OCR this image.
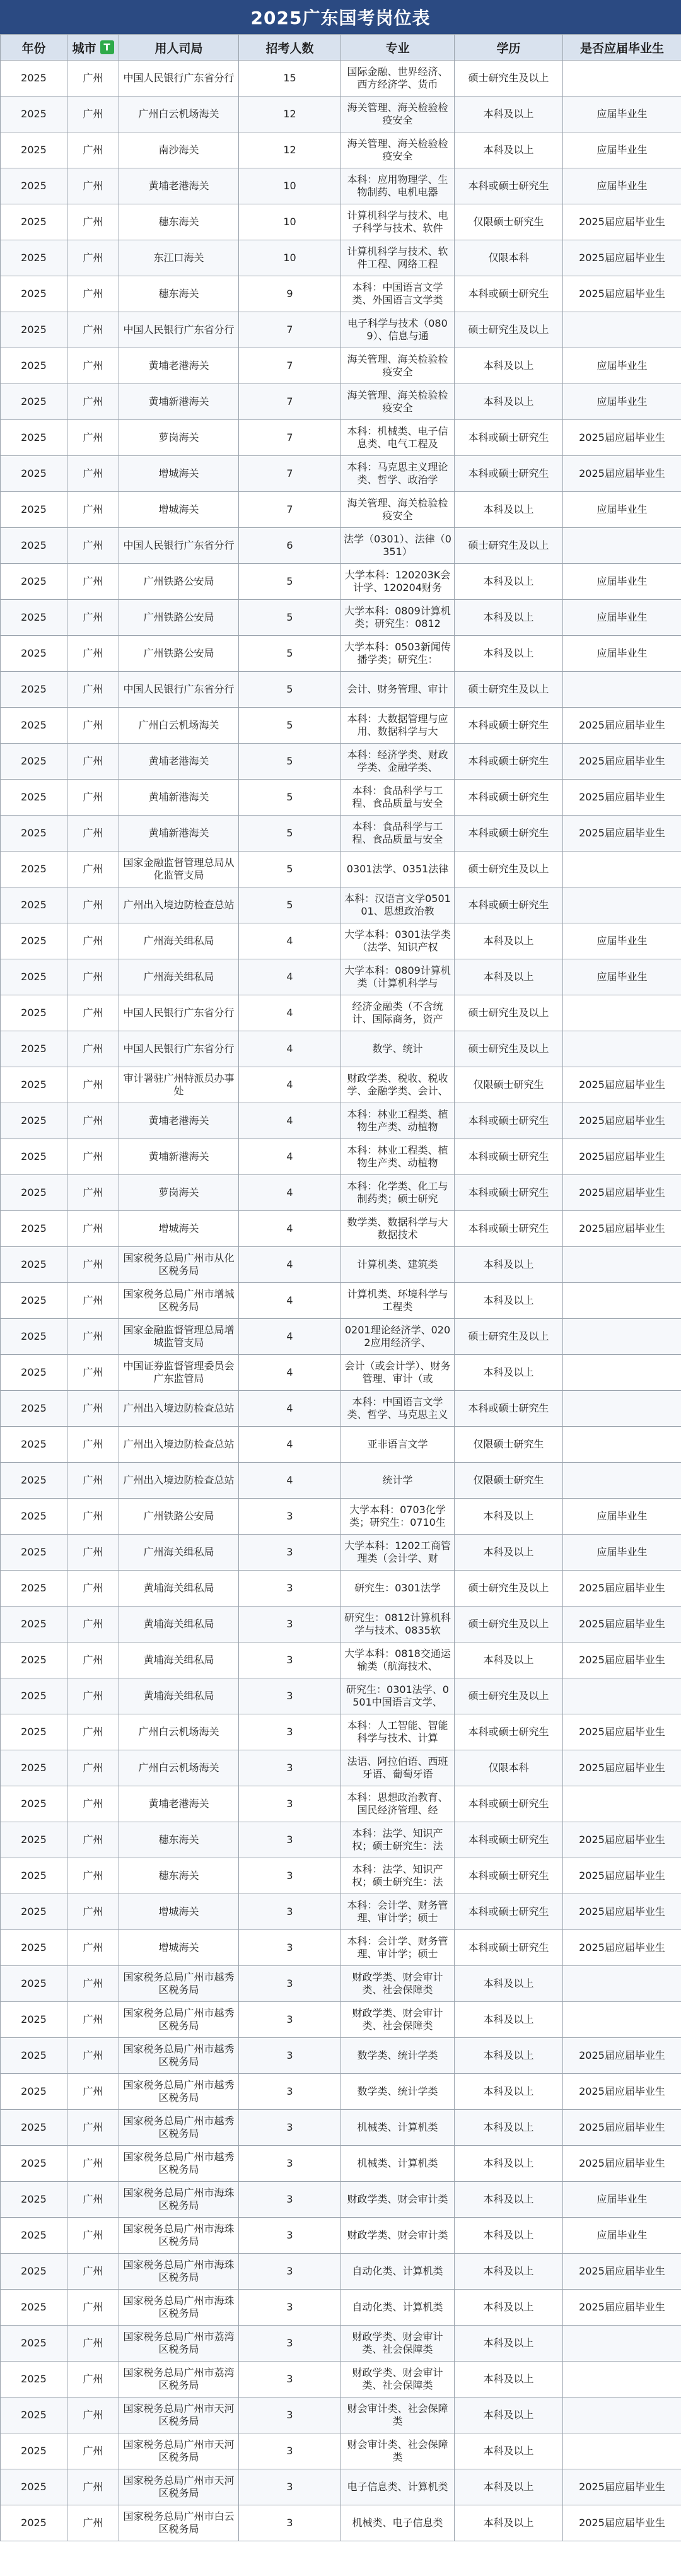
2025广东国考岗位表
年份	城市 T	用人司局	招考人数	专业	学历	是否应届毕业生

2025	广州	中国人民银行广东省分行	15	国际金融、世界经济、西方经济学、货币	硕士研究生及以上	

2025	广州	广州白云机场海关	12	海关管理、海关检验检疫安全	本科及以上	应届毕业生

2025	广州	南沙海关	12	海关管理、海关检验检疫安全	本科及以上	应届毕业生

2025	广州	黄埔老港海关	10	本科：应用物理学、生物制药、电机电器	本科或硕士研究生	应届毕业生

2025	广州	穗东海关	10	计算机科学与技术、电子科学与技术、软件	仅限硕士研究生	2025届应届毕业生

2025	广州	东江口海关	10	计算机科学与技术、软件工程、网络工程	仅限本科	2025届应届毕业生

2025	广州	穗东海关	9	本科：中国语言文学类、外国语言文学类	本科或硕士研究生	2025届应届毕业生

2025	广州	中国人民银行广东省分行	7	电子科学与技术（0809）、信息与通	硕士研究生及以上	

2025	广州	黄埔老港海关	7	海关管理、海关检验检疫安全	本科及以上	应届毕业生

2025	广州	黄埔新港海关	7	海关管理、海关检验检疫安全	本科及以上	应届毕业生

2025	广州	萝岗海关	7	本科：机械类、电子信息类、电气工程及	本科或硕士研究生	2025届应届毕业生

2025	广州	增城海关	7	本科：马克思主义理论类、哲学、政治学	本科或硕士研究生	2025届应届毕业生

2025	广州	增城海关	7	海关管理、海关检验检疫安全	本科及以上	应届毕业生

2025	广州	中国人民银行广东省分行	6	法学（0301）、法律（0351）	硕士研究生及以上	

2025	广州	广州铁路公安局	5	大学本科：120203K会计学、120204财务	本科及以上	应届毕业生

2025	广州	广州铁路公安局	5	大学本科：0809计算机类；研究生：0812	本科及以上	应届毕业生

2025	广州	广州铁路公安局	5	大学本科：0503新闻传播学类；研究生：	本科及以上	应届毕业生

2025	广州	中国人民银行广东省分行	5	会计、财务管理、审计	硕士研究生及以上	

2025	广州	广州白云机场海关	5	本科：大数据管理与应用、数据科学与大	本科或硕士研究生	2025届应届毕业生

2025	广州	黄埔老港海关	5	本科：经济学类、财政学类、金融学类、	本科或硕士研究生	2025届应届毕业生

2025	广州	黄埔新港海关	5	本科：食品科学与工程、食品质量与安全	本科或硕士研究生	2025届应届毕业生

2025	广州	黄埔新港海关	5	本科：食品科学与工程、食品质量与安全	本科或硕士研究生	2025届应届毕业生

2025	广州	国家金融监督管理总局从化监管支局	5	0301法学、0351法律	硕士研究生及以上	

2025	广州	广州出入境边防检查总站	5	本科：汉语言文学050101、思想政治教	本科或硕士研究生	

2025	广州	广州海关缉私局	4	大学本科：0301法学类（法学、知识产权	本科及以上	应届毕业生

2025	广州	广州海关缉私局	4	大学本科：0809计算机类（计算机科学与	本科及以上	应届毕业生

2025	广州	中国人民银行广东省分行	4	经济金融类（不含统计、国际商务，资产	硕士研究生及以上	

2025	广州	中国人民银行广东省分行	4	数学、统计	硕士研究生及以上	

2025	广州	审计署驻广州特派员办事处	4	财政学类、税收、税收学、金融学类、会计、	仅限硕士研究生	2025届应届毕业生

2025	广州	黄埔老港海关	4	本科：林业工程类、植物生产类、动植物	本科或硕士研究生	2025届应届毕业生

2025	广州	黄埔新港海关	4	本科：林业工程类、植物生产类、动植物	本科或硕士研究生	2025届应届毕业生

2025	广州	萝岗海关	4	本科：化学类、化工与制药类；硕士研究	本科或硕士研究生	2025届应届毕业生

2025	广州	增城海关	4	数学类、数据科学与大数据技术	本科或硕士研究生	2025届应届毕业生

2025	广州	国家税务总局广州市从化区税务局	4	计算机类、建筑类	本科及以上	

2025	广州	国家税务总局广州市增城区税务局	4	计算机类、环境科学与工程类	本科及以上	

2025	广州	国家金融监督管理总局增城监管支局	4	0201理论经济学、0202应用经济学、	硕士研究生及以上	

2025	广州	中国证券监督管理委员会广东监管局	4	会计（或会计学）、财务管理、审计（或	本科及以上	

2025	广州	广州出入境边防检查总站	4	本科：中国语言文学类、哲学、马克思主义	本科或硕士研究生	

2025	广州	广州出入境边防检查总站	4	亚非语言文学	仅限硕士研究生	

2025	广州	广州出入境边防检查总站	4	统计学	仅限硕士研究生	

2025	广州	广州铁路公安局	3	大学本科：0703化学类；研究生：0710生	本科及以上	应届毕业生

2025	广州	广州海关缉私局	3	大学本科：1202工商管理类（会计学、财	本科及以上	应届毕业生

2025	广州	黄埔海关缉私局	3	研究生：0301法学	硕士研究生及以上	2025届应届毕业生

2025	广州	黄埔海关缉私局	3	研究生：0812计算机科学与技术、0835软	硕士研究生及以上	2025届应届毕业生

2025	广州	黄埔海关缉私局	3	大学本科：0818交通运输类（航海技术、	本科及以上	2025届应届毕业生

2025	广州	黄埔海关缉私局	3	研究生：0301法学、0501中国语言文学、	硕士研究生及以上	

2025	广州	广州白云机场海关	3	本科：人工智能、智能科学与技术、计算	本科或硕士研究生	2025届应届毕业生

2025	广州	广州白云机场海关	3	法语、阿拉伯语、西班牙语、葡萄牙语	仅限本科	2025届应届毕业生

2025	广州	黄埔老港海关	3	本科：思想政治教育、国民经济管理、经	本科或硕士研究生	

2025	广州	穗东海关	3	本科：法学、知识产权；硕士研究生：法	本科或硕士研究生	2025届应届毕业生

2025	广州	穗东海关	3	本科：法学、知识产权；硕士研究生：法	本科或硕士研究生	2025届应届毕业生

2025	广州	增城海关	3	本科：会计学、财务管理、审计学；硕士	本科或硕士研究生	2025届应届毕业生

2025	广州	增城海关	3	本科：会计学、财务管理、审计学；硕士	本科或硕士研究生	2025届应届毕业生

2025	广州	国家税务总局广州市越秀区税务局	3	财政学类、财会审计类、社会保障类	本科及以上	

2025	广州	国家税务总局广州市越秀区税务局	3	财政学类、财会审计类、社会保障类	本科及以上	

2025	广州	国家税务总局广州市越秀区税务局	3	数学类、统计学类	本科及以上	2025届应届毕业生

2025	广州	国家税务总局广州市越秀区税务局	3	数学类、统计学类	本科及以上	2025届应届毕业生

2025	广州	国家税务总局广州市越秀区税务局	3	机械类、计算机类	本科及以上	2025届应届毕业生

2025	广州	国家税务总局广州市越秀区税务局	3	机械类、计算机类	本科及以上	2025届应届毕业生

2025	广州	国家税务总局广州市海珠区税务局	3	财政学类、财会审计类	本科及以上	应届毕业生

2025	广州	国家税务总局广州市海珠区税务局	3	财政学类、财会审计类	本科及以上	应届毕业生

2025	广州	国家税务总局广州市海珠区税务局	3	自动化类、计算机类	本科及以上	2025届应届毕业生

2025	广州	国家税务总局广州市海珠区税务局	3	自动化类、计算机类	本科及以上	2025届应届毕业生

2025	广州	国家税务总局广州市荔湾区税务局	3	财政学类、财会审计类、社会保障类	本科及以上	

2025	广州	国家税务总局广州市荔湾区税务局	3	财政学类、财会审计类、社会保障类	本科及以上	

2025	广州	国家税务总局广州市天河区税务局	3	财会审计类、社会保障类	本科及以上	

2025	广州	国家税务总局广州市天河区税务局	3	财会审计类、社会保障类	本科及以上	

2025	广州	国家税务总局广州市天河区税务局	3	电子信息类、计算机类	本科及以上	2025届应届毕业生

2025	广州	国家税务总局广州市白云区税务局	3	机械类、电子信息类	本科及以上	2025届应届毕业生
